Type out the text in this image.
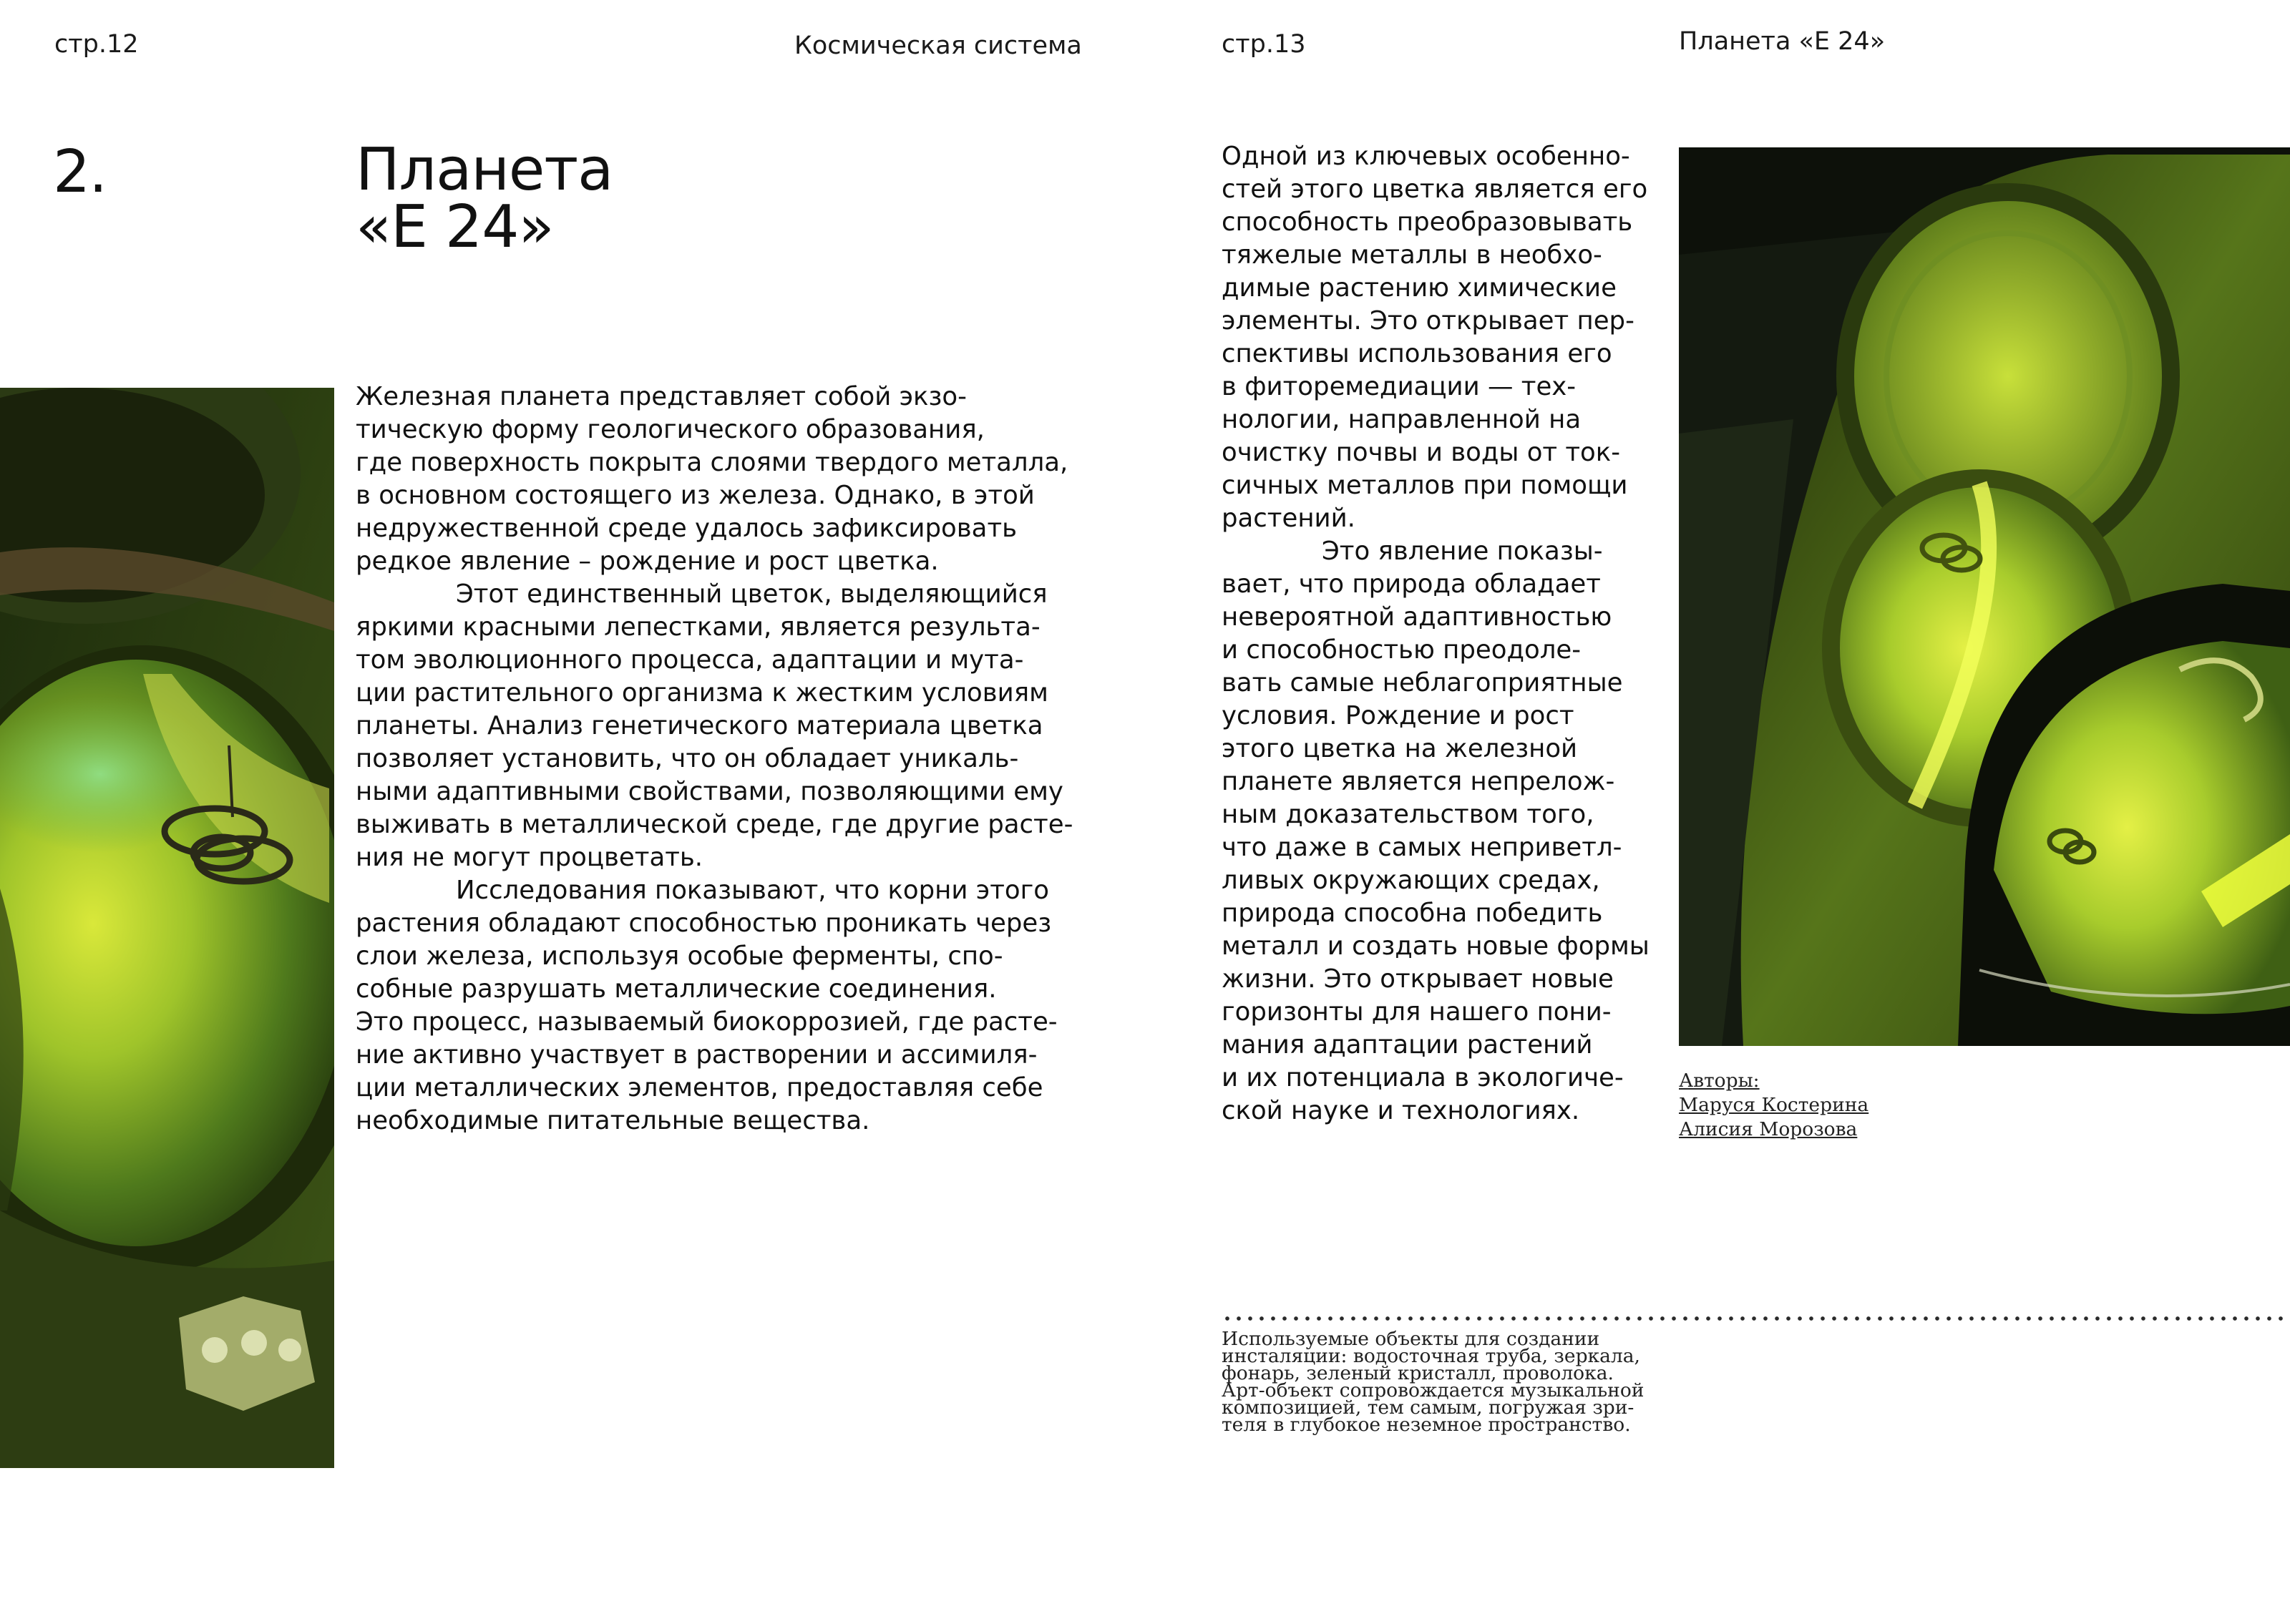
стр.12	Космическая система
2.	Планета
«Е 24»

Железная планета представляет собой экзо-
тическую форму геологического образования,
где поверхность покрыта слоями твердого металла,
в основном состоящего из железа. Однако, в этой
недружественной среде удалось зафиксировать
редкое явление – рождение и рост цветка.

Этот единственный цветок, выделяющийся
яркими красными лепестками, является результа-
том эволюционного процесса, адаптации и мута-
ции растительного организма к жестким условиям
планеты. Анализ генетического материала цветка
позволяет установить, что он обладает уникаль-
ными адаптивными свойствами, позволяющими ему
выживать в металлической среде, где другие расте-
ния не могут процветать.

Исследования показывают, что корни этого
растения обладают способностью проникать через
слои железа, используя особые ферменты, спо-
собные разрушать металлические соединения.
Это процесс, называемый биокоррозией, где расте-
ние активно участвует в растворении и ассимиля-
ции металлических элементов, предоставляя себе
необходимые питательные вещества.

стр.13	Планета «Е 24»

Одной из ключевых особенно-
стей этого цветка является его
способность преобразовывать
тяжелые металлы в необхо-
димые растению химические
элементы. Это открывает пер-
спективы использования его
в фиторемедиации — тех-
нологии, направленной на
очистку почвы и воды от ток-
сичных металлов при помощи
растений.

Это явление показы-
вает, что природа обладает
невероятной адаптивностью
и способностью преодоле-
вать самые неблагоприятные
условия. Рождение и рост
этого цветка на железной
планете является непрелож-
ным доказательством того,
что даже в самых неприветл-
ливых окружающих средах,
природа способна победить
металл и создать новые формы
жизни. Это открывает новые
горизонты для нашего пони-
мания адаптации растений
и их потенциала в экологиче-
ской науке и технологиях.

Авторы:
Маруся Костерина
Алисия Морозова
Используемые объекты для создании
инсталяции: водосточная труба, зеркала,
фонарь, зеленый кристалл, проволока.
Арт-объект сопровождается музыкальной
композицией, тем самым, погружая зри-
теля в глубокое неземное пространство.
